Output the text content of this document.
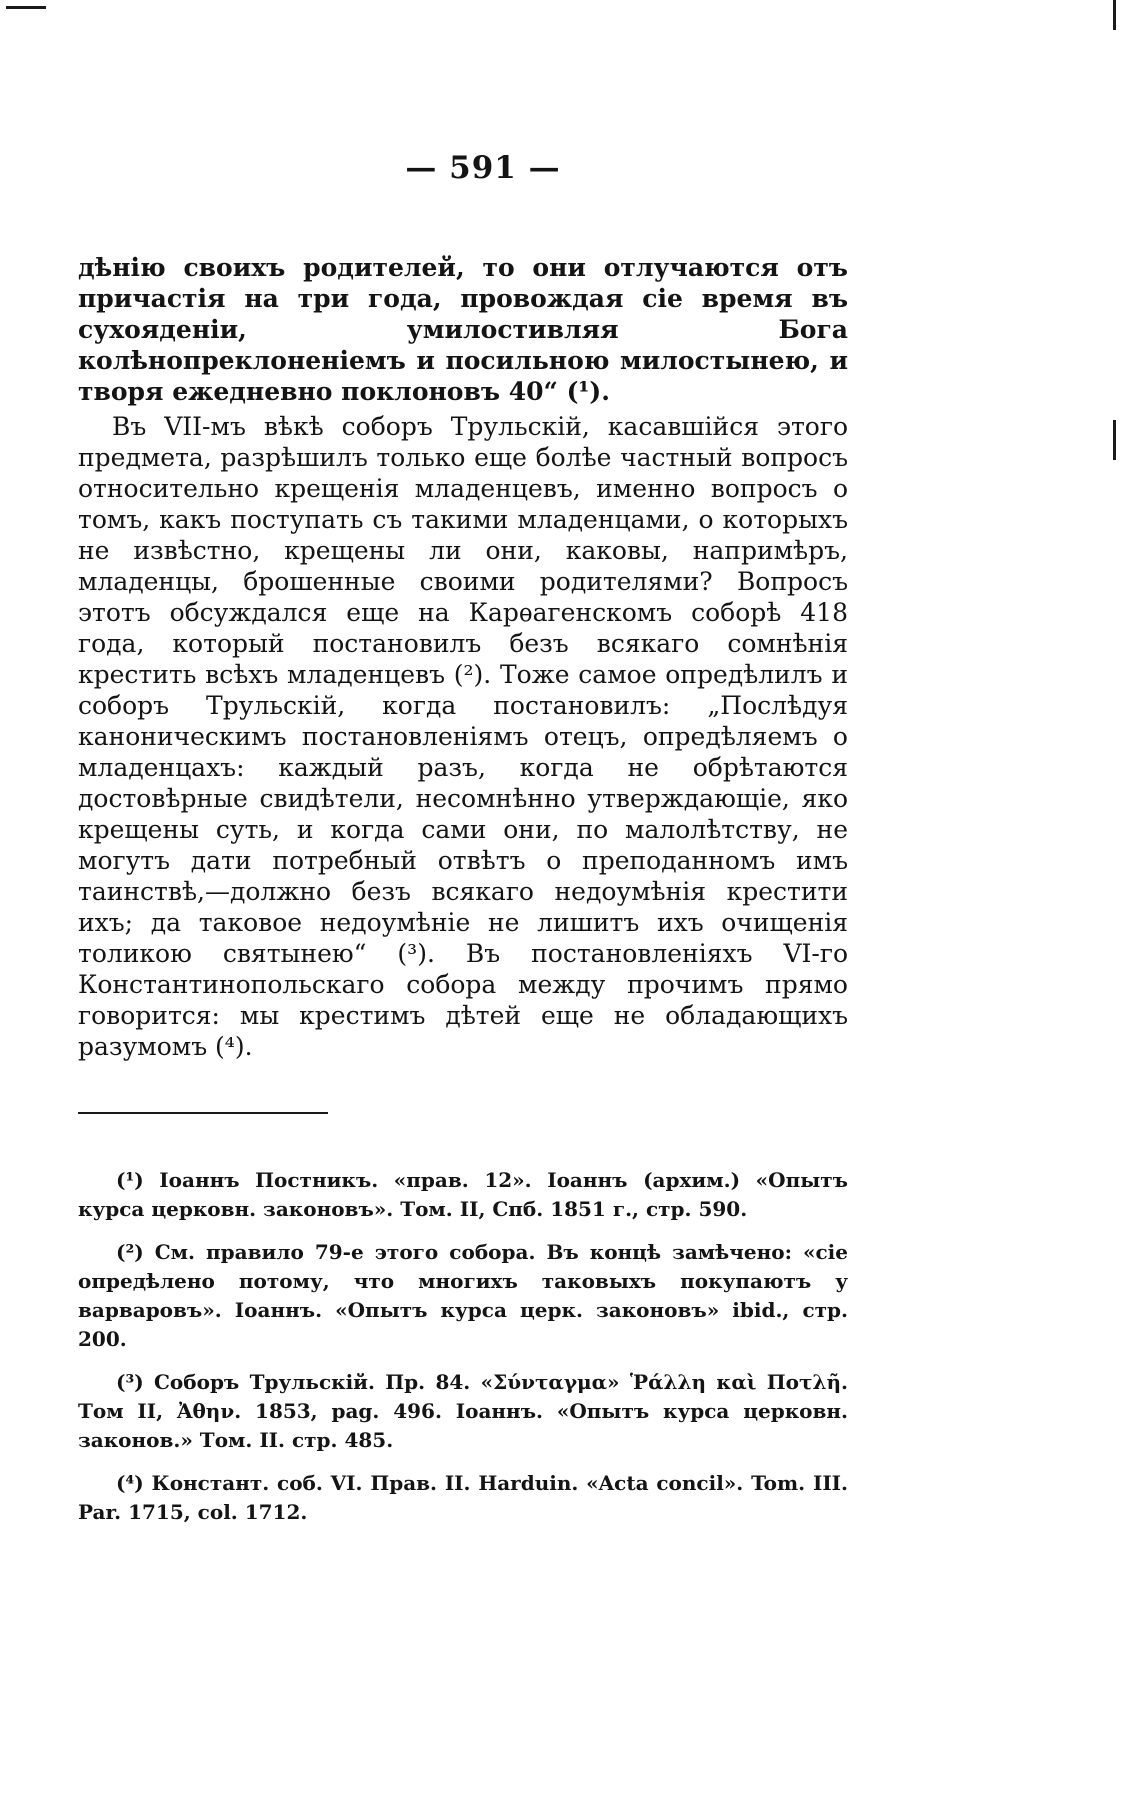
— 591 —

дѣнію своихъ родителей, то они отлучаются отъ причастія на три года, провождая сіе время въ сухояденіи, умилостивляя Бога колѣнопреклоненіемъ и посильною милостынею, и творя ежедневно поклоновъ 40“ (¹).

Въ VII-мъ вѣкѣ соборъ Трульскій, касавшійся этого предмета, разрѣшилъ только еще болѣе частный вопросъ относительно крещенія младенцевъ, именно вопросъ о томъ, какъ поступать съ такими младенцами, о которыхъ не извѣстно, крещены ли они, каковы, напримѣръ, младенцы, брошенные своими родителями? Вопросъ этотъ обсуждался еще на Карѳагенскомъ соборѣ 418 года, который постановилъ безъ всякаго сомнѣнія крестить всѣхъ младенцевъ (²). Тоже самое опредѣлилъ и соборъ Трульскій, когда постановилъ: „Послѣдуя каноническимъ постановленіямъ отецъ, опредѣляемъ о младенцахъ: каждый разъ, когда не обрѣтаются достовѣрные свидѣтели, несомнѣнно утверждающіе, яко крещены суть, и когда сами они, по малолѣтству, не могутъ дати потребный отвѣтъ о преподанномъ имъ таинствѣ,—должно безъ всякаго недоумѣнія крестити ихъ; да таковое недоумѣніе не лишитъ ихъ очищенія толикою святынею“ (³). Въ постановленіяхъ VI-го Константинопольскаго собора между прочимъ прямо говорится: мы крестимъ дѣтей еще не обладающихъ разумомъ (⁴).

(¹) Іоаннъ Постникъ. «прав. 12». Іоаннъ (архим.) «Опытъ курса церковн. законовъ». Том. II, Спб. 1851 г., стр. 590.

(²) См. правило 79-е этого собора. Въ концѣ замѣчено: «сіе опредѣлено потому, что многихъ таковыхъ покупаютъ у варваровъ». Іоаннъ. «Опытъ курса церк. законовъ» ibid., стр. 200.

(³) Соборъ Трульскій. Пр. 84. «Σύνταγμα» Ῥάλλη καὶ Ποτλῆ. Том II, Ἀθην. 1853, pag. 496. Іоаннъ. «Опытъ курса церковн. законов.» Том. II. стр. 485.

(⁴) Констант. соб. VI. Прав. II. Harduin. «Acta concil». Tom. III. Par. 1715, col. 1712.
